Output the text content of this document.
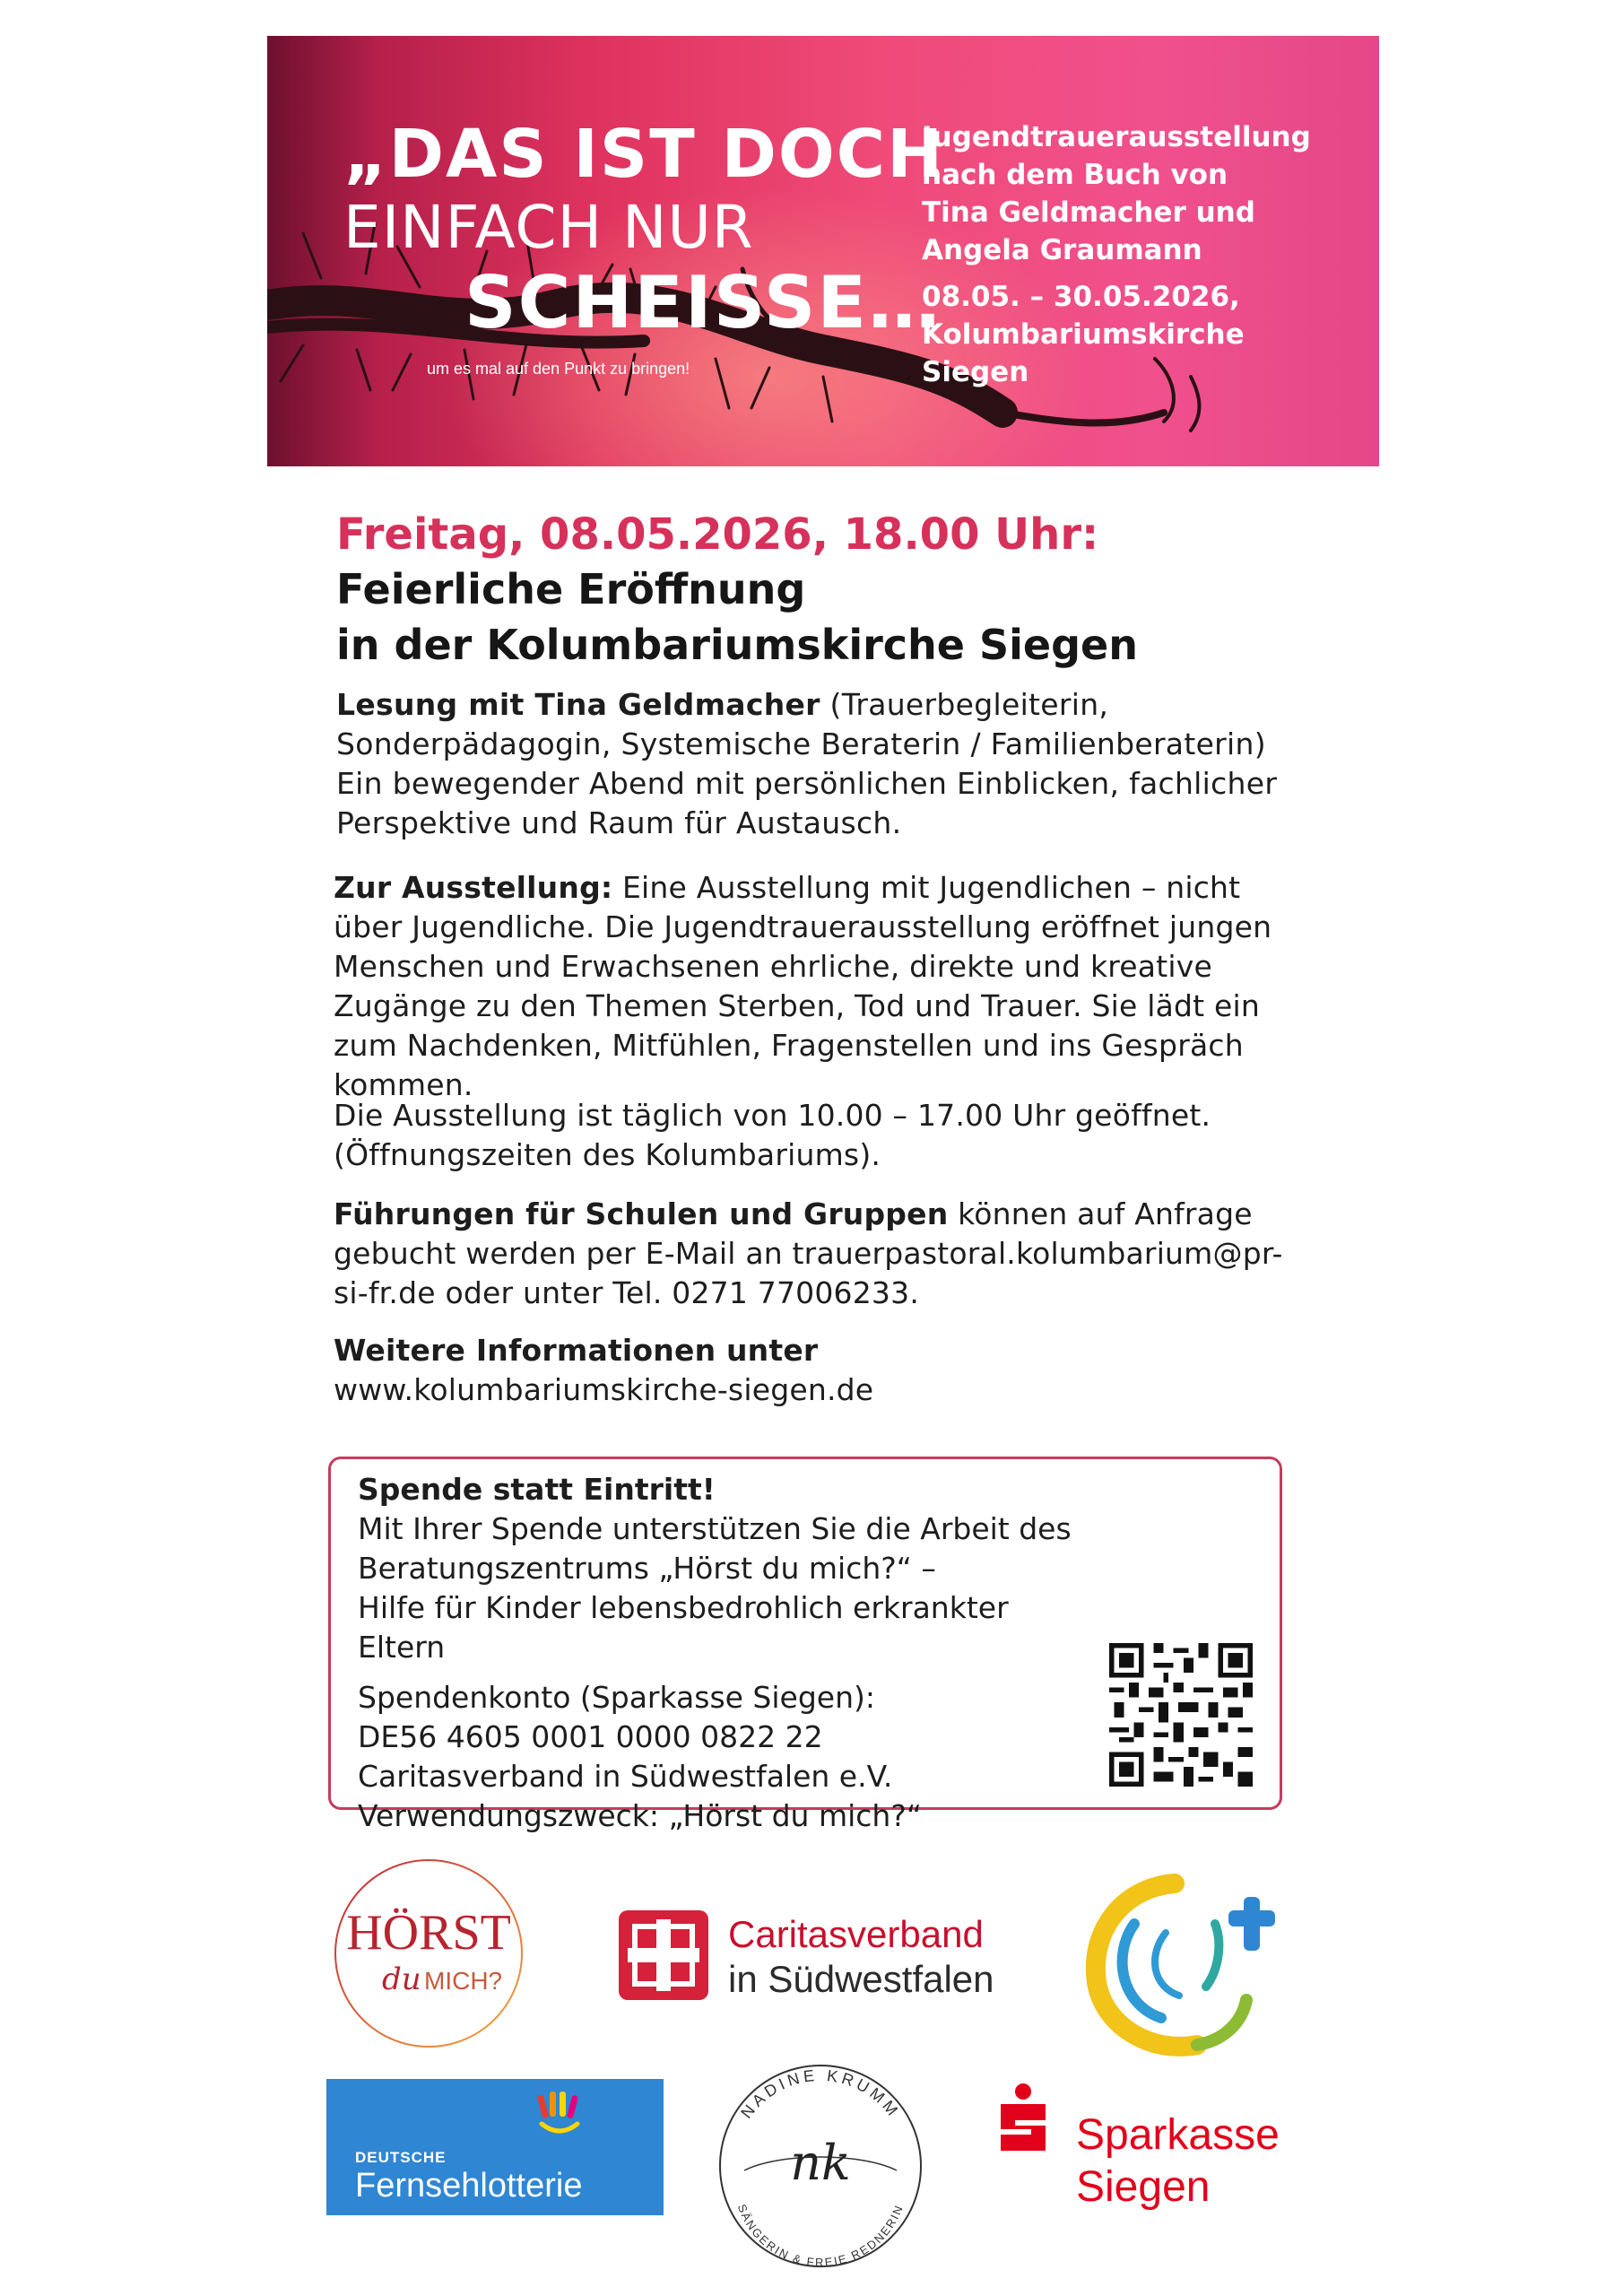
„DAS IST DOCH
EINFACH NUR
SCHEISSE…
um es mal auf den Punkt zu bringen!
Jugendtrauerausstellung
nach dem Buch von
Tina Geldmacher und
Angela Graumann
08.05. – 30.05.2026,
Kolumbariumskirche
Siegen
Freitag, 08.05.2026, 18.00 Uhr:
Feierliche Eröffnung
in der Kolumbariumskirche Siegen
Lesung mit Tina Geldmacher (Trauerbegleiterin, Sonderpädagogin, Systemische Beraterin / Familienberaterin) Ein bewegender Abend mit persönlichen Einblicken, fachlicher Perspektive und Raum für Austausch.
Zur Ausstellung: Eine Ausstellung mit Jugendlichen – nicht über Jugendliche. Die Jugendtrauerausstellung eröffnet jungen Menschen und Erwachsenen ehrliche, direkte und kreative Zugänge zu den Themen Sterben, Tod und Trauer. Sie lädt ein zum Nachdenken, Mitfühlen, Fragenstellen und ins Gespräch kommen.
Die Ausstellung ist täglich von 10.00 – 17.00 Uhr geöffnet.
(Öffnungszeiten des Kolumbariums).
Führungen für Schulen und Gruppen können auf Anfrage gebucht werden per E-Mail an trauerpastoral.kolumbarium@pr-si-fr.de oder unter Tel. 0271 77006233.
Weitere Informationen unter
www.kolumbariumskirche-siegen.de
Spende statt Eintritt!
Mit Ihrer Spende unterstützen Sie die Arbeit des
Beratungszentrums „Hörst du mich?“ –
Hilfe für Kinder lebensbedrohlich erkrankter Eltern
Spendenkonto (Sparkasse Siegen):
DE56 4605 0001 0000 0822 22
Caritasverband in Südwestfalen e.V.
Verwendungszweck: „Hörst du mich?“
HÖRST
du MICH?
Caritasverband
in Südwestfalen
DEUTSCHE
Fernsehlotterie
NADINE KRUMM
SÄNGERIN & FREIE REDNERIN
nk	Sparkasse
Siegen
